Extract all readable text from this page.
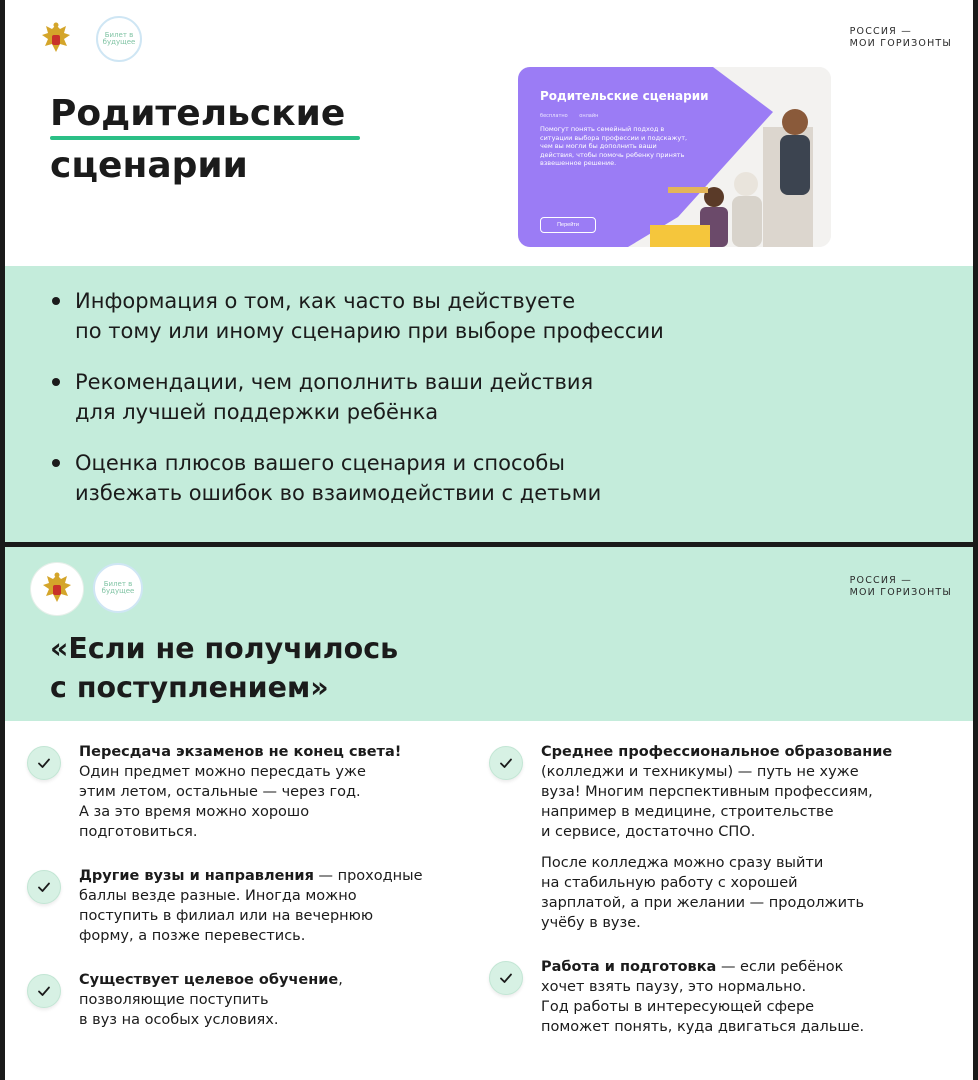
Билет в будущее
РОССИЯ —
МОИ ГОРИЗОНТЫ
Родительские
сценарии
Родительские сценарии
бесплатно онлайн
Помогут понять семейный подход в ситуации выбора профессии и подскажут, чем вы могли бы дополнить ваши действия, чтобы помочь ребенку принять взвешенное решение.
Перейти
Информация о том, как часто вы действуете
по тому или иному сценарию при выборе профессии
Рекомендации, чем дополнить ваши действия
для лучшей поддержки ребёнка
Оценка плюсов вашего сценария и способы
избежать ошибок во взаимодействии с детьми
Билет в будущее
РОССИЯ —
МОИ ГОРИЗОНТЫ
«Если не получилось
с поступлением»
Пересдача экзаменов не конец света!
Один предмет можно пересдать уже
этим летом, остальные — через год.
А за это время можно хорошо
подготовиться.
Другие вузы и направления — проходные
баллы везде разные. Иногда можно
поступить в филиал или на вечернюю
форму, а позже перевестись.
Существует целевое обучение,
позволяющие поступить
в вуз на особых условиях.
Среднее профессиональное образование
(колледжи и техникумы) — путь не хуже
вуза! Многим перспективным профессиям,
например в медицине, строительстве
и сервисе, достаточно СПО.
После колледжа можно сразу выйти
на стабильную работу с хорошей
зарплатой, а при желании — продолжить
учёбу в вузе.
Работа и подготовка — если ребёнок
хочет взять паузу, это нормально.
Год работы в интересующей сфере
поможет понять, куда двигаться дальше.
